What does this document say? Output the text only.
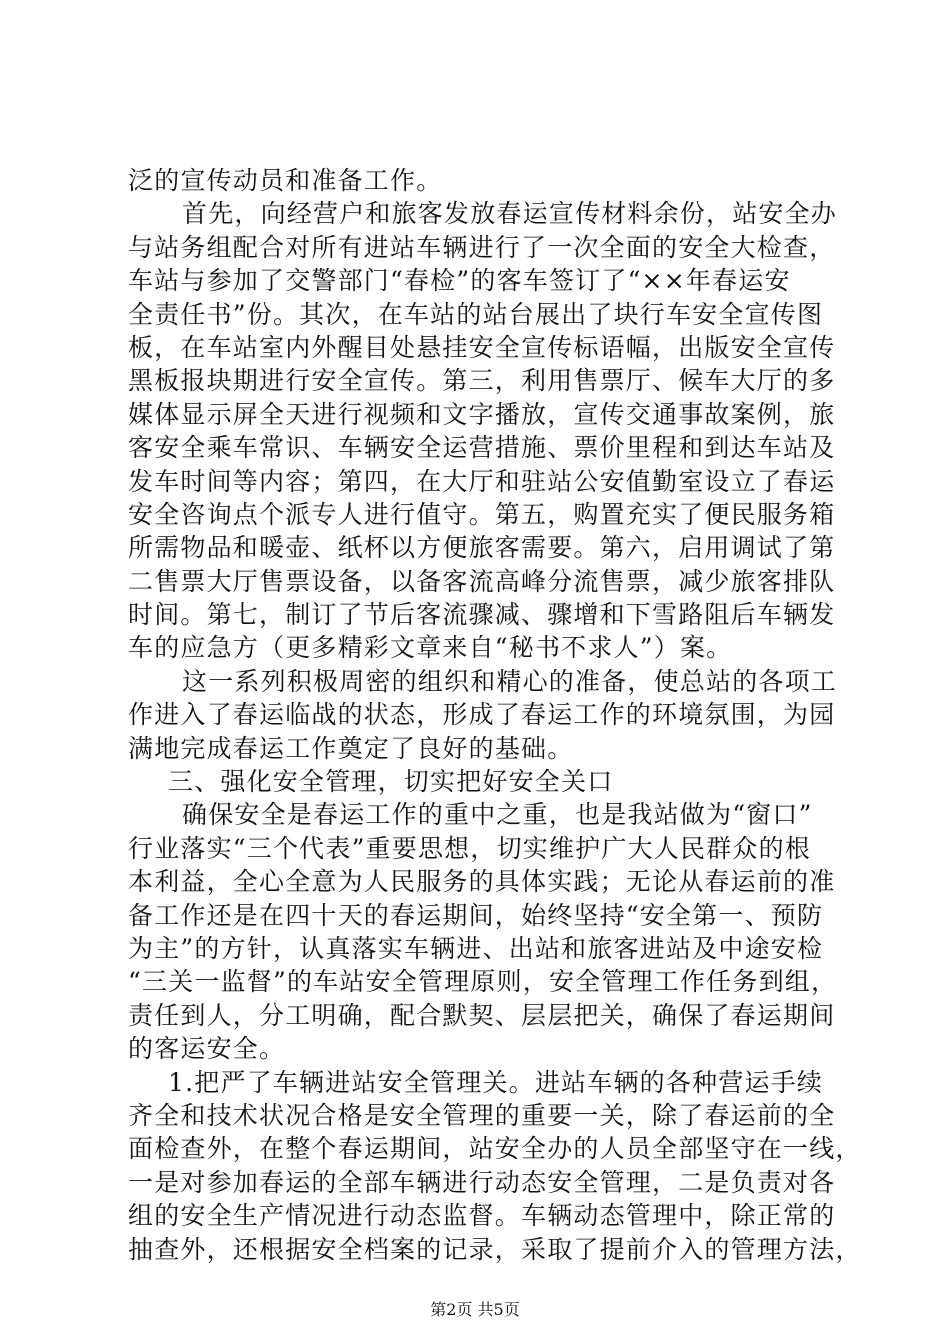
泛的宣传动员和准备工作。
首先，向经营户和旅客发放春运宣传材料余份，站安全办
与站务组配合对所有进站车辆进行了一次全面的安全大检查，
车站与参加了交警部门“春检”的客车签订了“××年春运安
全责任书”份。其次，在车站的站台展出了块行车安全宣传图
板，在车站室内外醒目处悬挂安全宣传标语幅，出版安全宣传
黑板报块期进行安全宣传。第三，利用售票厅、候车大厅的多
媒体显示屏全天进行视频和文字播放，宣传交通事故案例，旅
客安全乘车常识、车辆安全运营措施、票价里程和到达车站及
发车时间等内容；第四，在大厅和驻站公安值勤室设立了春运
安全咨询点个派专人进行值守。第五，购置充实了便民服务箱
所需物品和暖壶、纸杯以方便旅客需要。第六，启用调试了第
二售票大厅售票设备，以备客流高峰分流售票，减少旅客排队
时间。第七，制订了节后客流骤减、骤增和下雪路阻后车辆发
车的应急方（更多精彩文章来自“秘书不求人”）案。
这一系列积极周密的组织和精心的准备，使总站的各项工
作进入了春运临战的状态，形成了春运工作的环境氛围，为园
满地完成春运工作奠定了良好的基础。
三、强化安全管理，切实把好安全关口
确保安全是春运工作的重中之重，也是我站做为“窗口”
行业落实“三个代表”重要思想，切实维护广大人民群众的根
本利益，全心全意为人民服务的具体实践；无论从春运前的准
备工作还是在四十天的春运期间，始终坚持“安全第一、预防
为主”的方针，认真落实车辆进、出站和旅客进站及中途安检
“三关一监督”的车站安全管理原则，安全管理工作任务到组，
责任到人，分工明确，配合默契、层层把关，确保了春运期间
的客运安全。
1.把严了车辆进站安全管理关。进站车辆的各种营运手续
齐全和技术状况合格是安全管理的重要一关，除了春运前的全
面检查外，在整个春运期间，站安全办的人员全部坚守在一线，
一是对参加春运的全部车辆进行动态安全管理，二是负责对各
组的安全生产情况进行动态监督。车辆动态管理中，除正常的
抽查外，还根据安全档案的记录，采取了提前介入的管理方法，
第2页 共5页
